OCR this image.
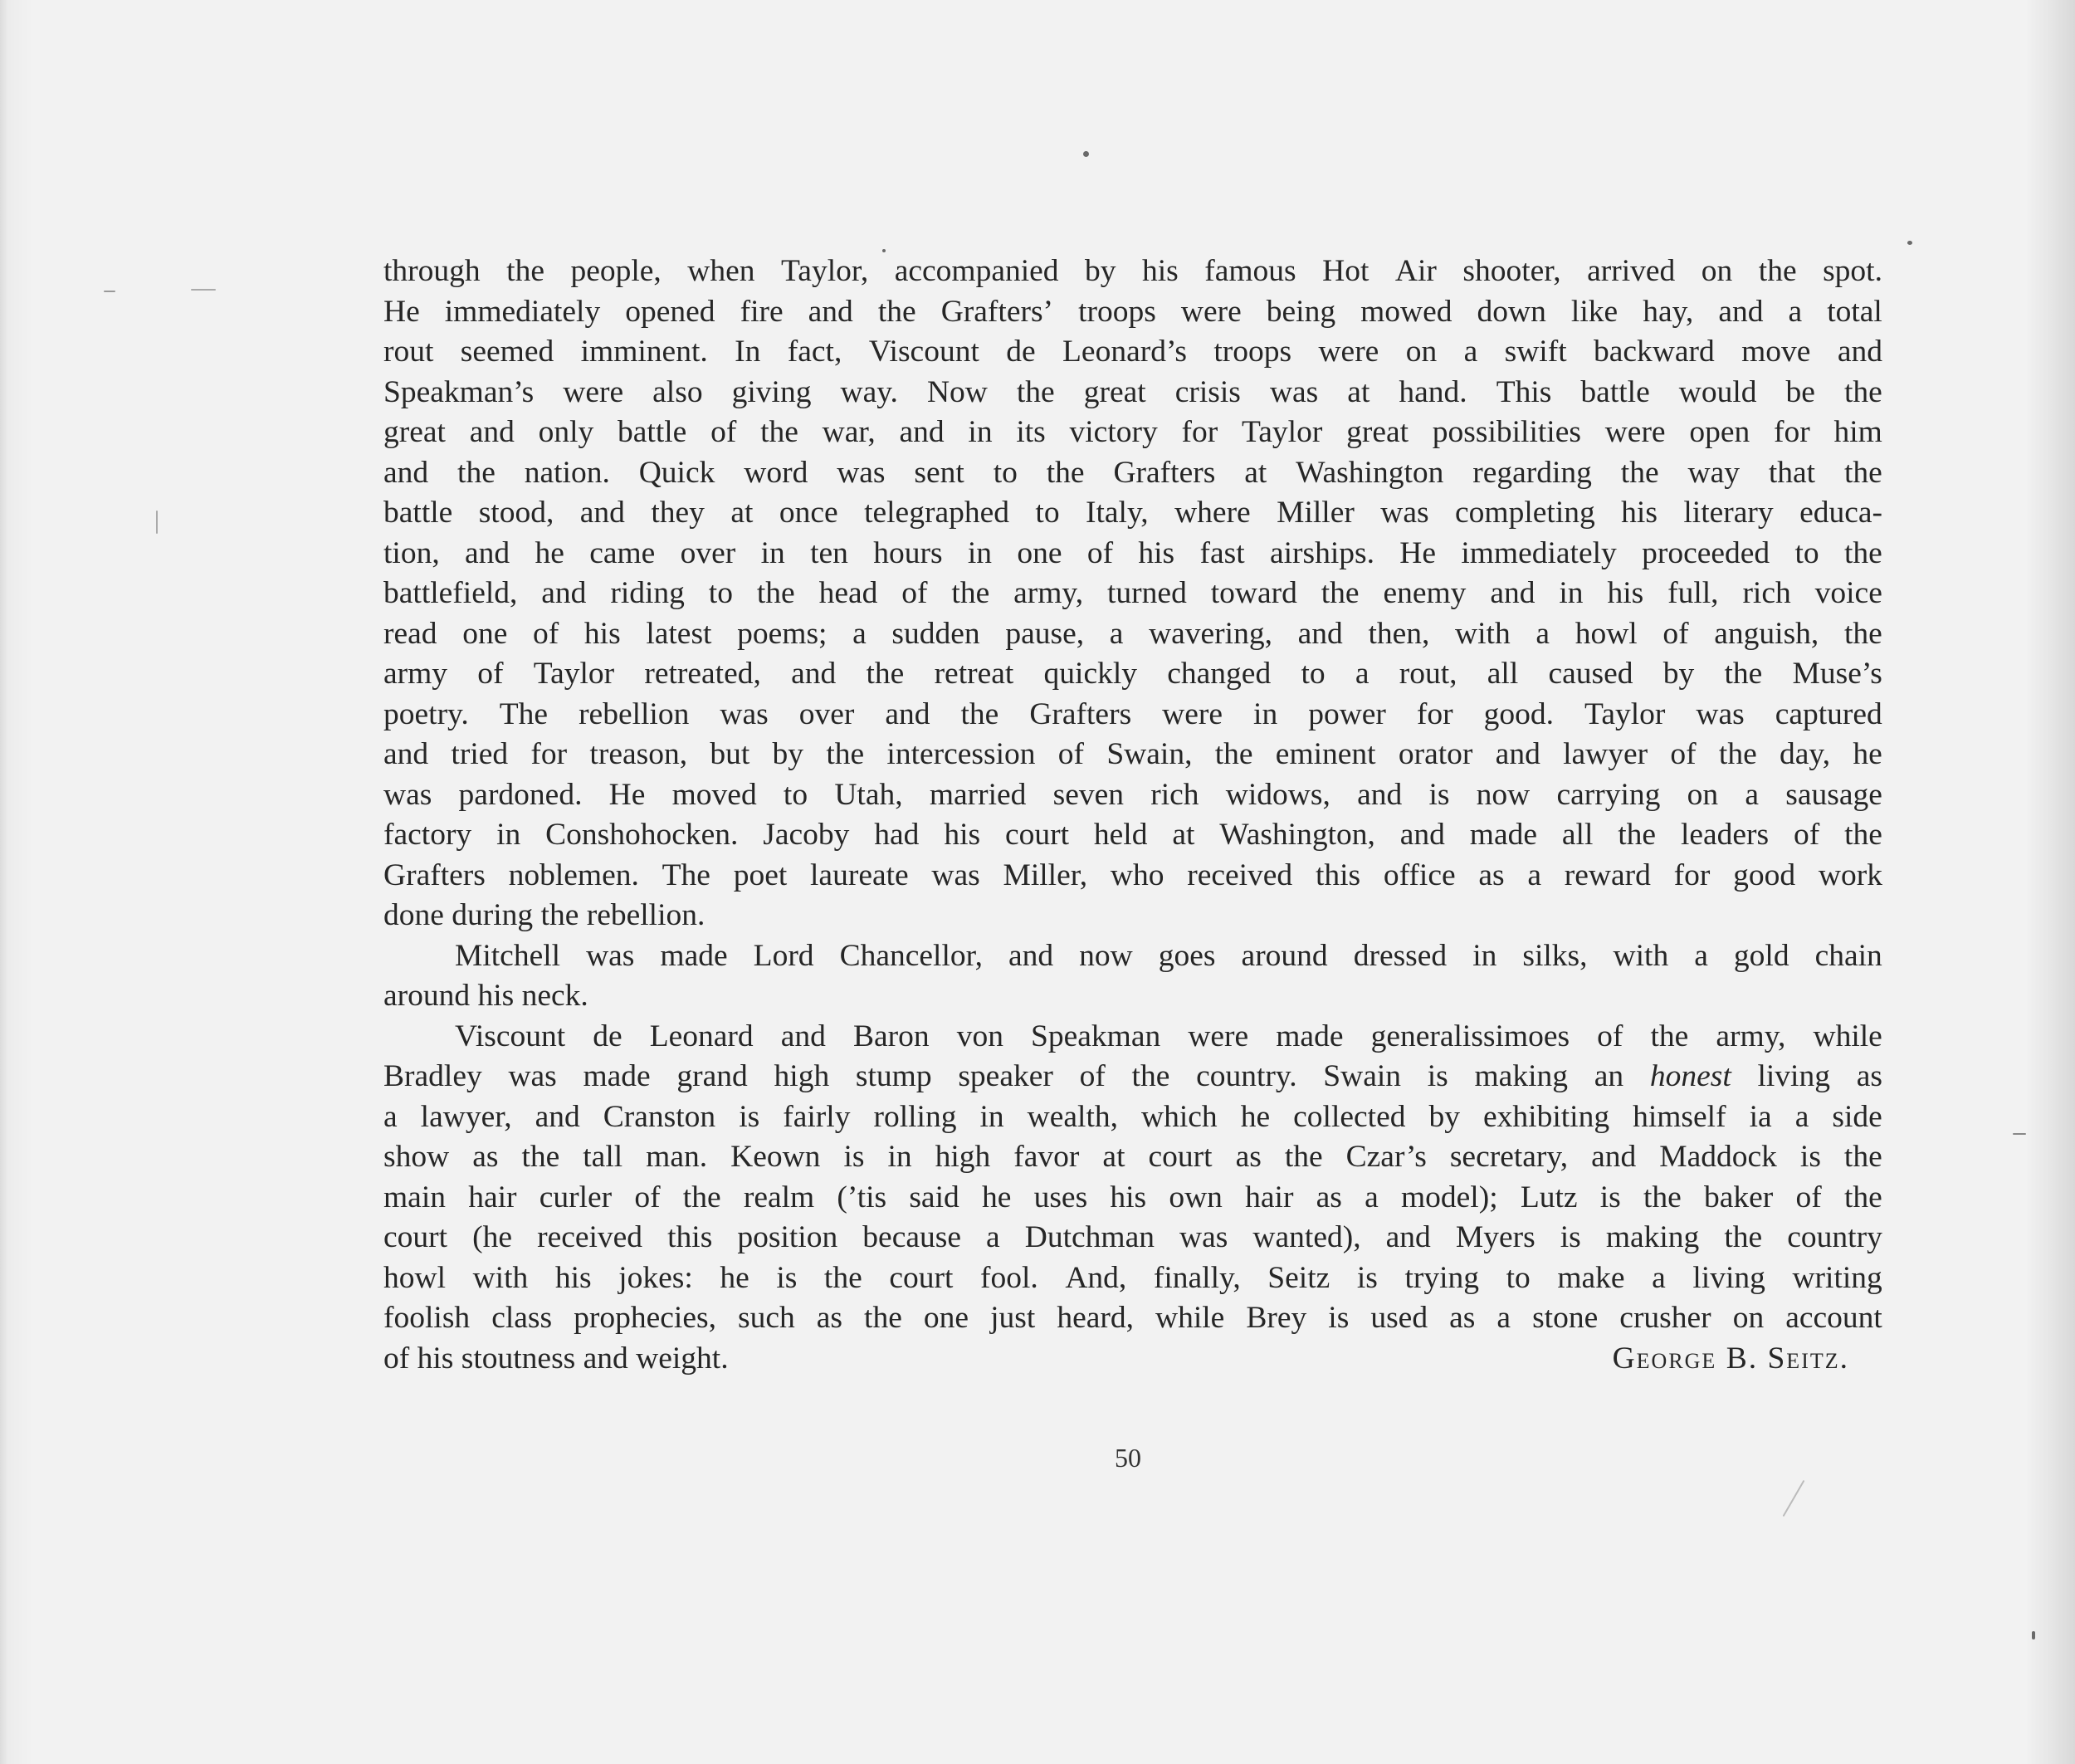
through the people, when Taylor, accompanied by his famous Hot Air shooter, arrived on the spot.
He immediately opened fire and the Grafters’ troops were being mowed down like hay, and a total
rout seemed imminent. In fact, Viscount de Leonard’s troops were on a swift backward move and
Speakman’s were also giving way. Now the great crisis was at hand. This battle would be the
great and only battle of the war, and in its victory for Taylor great possibilities were open for him
and the nation. Quick word was sent to the Grafters at Washington regarding the way that the
battle stood, and they at once telegraphed to Italy, where Miller was completing his literary educa-
tion, and he came over in ten hours in one of his fast airships. He immediately proceeded to the
battlefield, and riding to the head of the army, turned toward the enemy and in his full, rich voice
read one of his latest poems; a sudden pause, a wavering, and then, with a howl of anguish, the
army of Taylor retreated, and the retreat quickly changed to a rout, all caused by the Muse’s
poetry. The rebellion was over and the Grafters were in power for good. Taylor was captured
and tried for treason, but by the intercession of Swain, the eminent orator and lawyer of the day, he
was pardoned. He moved to Utah, married seven rich widows, and is now carrying on a sausage
factory in Conshohocken. Jacoby had his court held at Washington, and made all the leaders of the
Grafters noblemen. The poet laureate was Miller, who received this office as a reward for good work
done during the rebellion.
Mitchell was made Lord Chancellor, and now goes around dressed in silks, with a gold chain
around his neck.
Viscount de Leonard and Baron von Speakman were made generalissimoes of the army, while
Bradley was made grand high stump speaker of the country. Swain is making an honest living as
a lawyer, and Cranston is fairly rolling in wealth, which he collected by exhibiting himself ia a side
show as the tall man. Keown is in high favor at court as the Czar’s secretary, and Maddock is the
main hair curler of the realm (’tis said he uses his own hair as a model); Lutz is the baker of the
court (he received this position because a Dutchman was wanted), and Myers is making the country
howl with his jokes: he is the court fool. And, finally, Seitz is trying to make a living writing
foolish class prophecies, such as the one just heard, while Brey is used as a stone crusher on account
of his stoutness and weight.	George B. Seitz.
50
